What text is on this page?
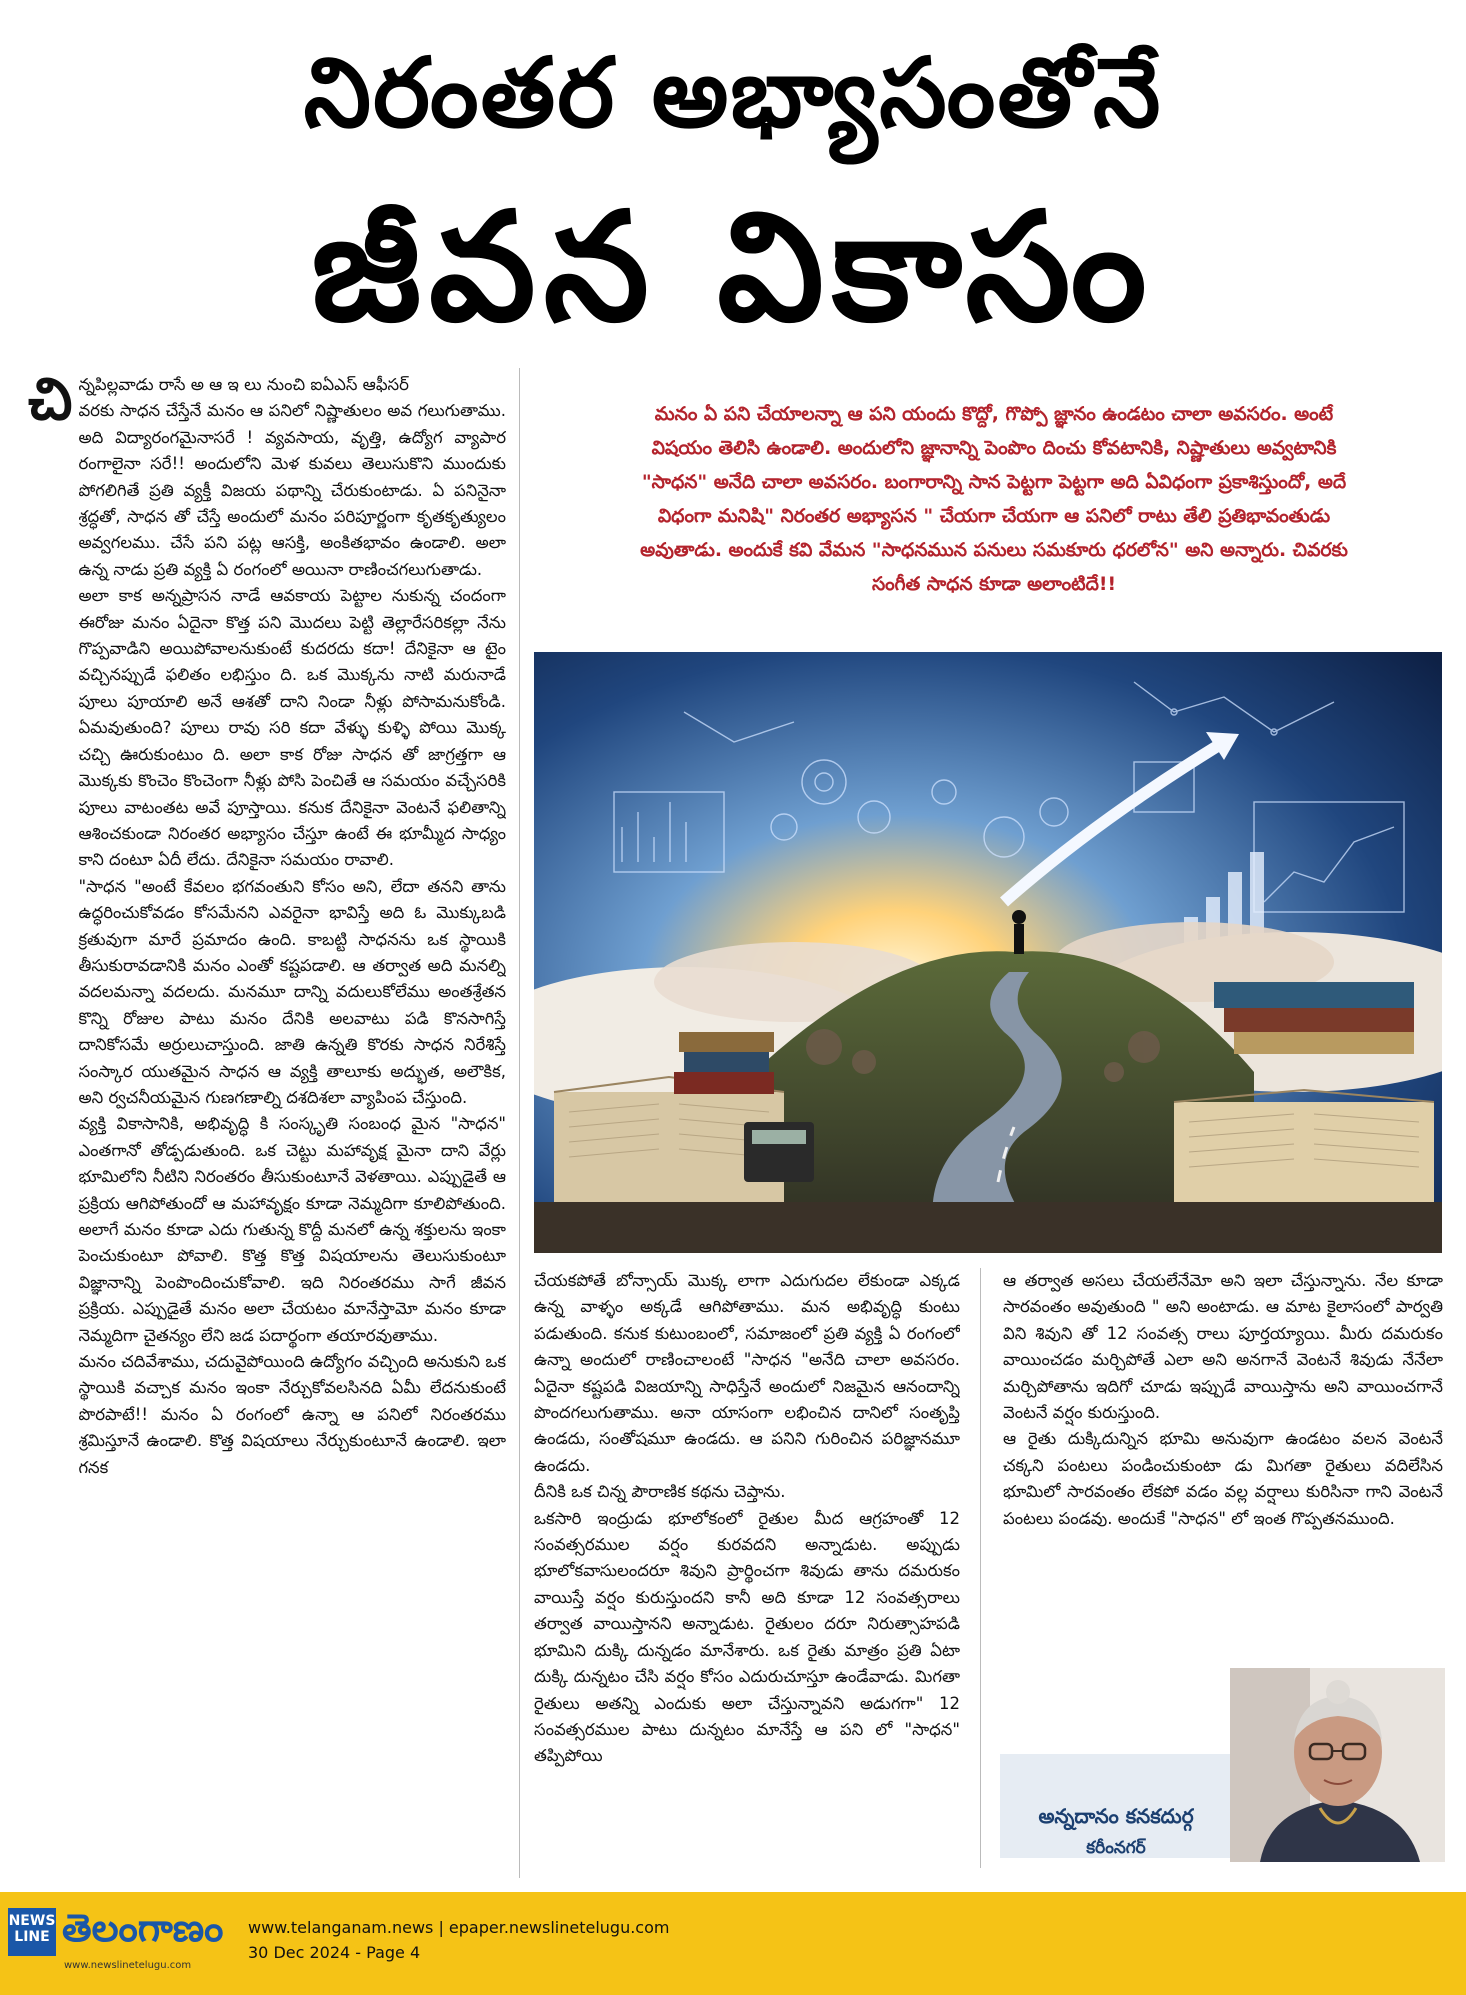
నిరంతర అభ్యాసంతోనే
జీవన వికాసం
చి న్నపిల్లవాడు రాసే అ ఆ ఇ లు నుంచి ఐఏఎస్ ఆఫీసర్
వరకు సాధన చేస్తేనే మనం ఆ పనిలో నిష్ణాతులం అవ గలుగుతాము. అది విద్యారంగమైనాసరే ! వ్యవసాయ, వృత్తి, ఉద్యోగ వ్యాపార రంగాలైనా సరే!! అందులోని మెళ కువలు తెలుసుకొని ముందుకు పోగలిగితే ప్రతి వ్యక్తీ విజయ పథాన్ని చేరుకుంటాడు. ఏ పనినైనా శ్రద్ధతో, సాధన తో చేస్తే అందులో మనం పరిపూర్ణంగా కృతకృత్యులం అవ్వగలము. చేసే పని పట్ల ఆసక్తి, అంకితభావం ఉండాలి. అలా ఉన్న నాడు ప్రతి వ్యక్తి ఏ రంగంలో అయినా రాణించగలుగుతాడు.
అలా కాక అన్నప్రాసన నాడే ఆవకాయ పెట్టాల నుకున్న చందంగా ఈరోజు మనం ఏదైనా కొత్త పని మొదలు పెట్టి తెల్లారేసరికల్లా నేను గొప్పవాడిని అయిపోవాలనుకుంటే కుదరదు కదా! దేనికైనా ఆ టైం వచ్చినప్పుడే ఫలితం లభిస్తుం ది. ఒక మొక్కను నాటి మరునాడే పూలు పూయాలి అనే ఆశతో దాని నిండా నీళ్లు పోసామనుకోండి. ఏమవుతుంది? పూలు రావు సరి కదా వేళ్ళు కుళ్ళి పోయి మొక్క చచ్చి ఊరుకుంటుం ది. అలా కాక రోజు సాధన తో జాగ్రత్తగా ఆ మొక్కకు కొంచెం కొంచెంగా నీళ్లు పోసి పెంచితే ఆ సమయం వచ్చేసరికి పూలు వాటంతట అవే పూస్తాయి. కనుక దేనికైనా వెంటనే ఫలితాన్ని ఆశించకుండా నిరంతర అభ్యాసం చేస్తూ ఉంటే ఈ భూమ్మీద సాధ్యం కాని దంటూ ఏదీ లేదు. దేనికైనా సమయం రావాలి.
"సాధన "అంటే కేవలం భగవంతుని కోసం అని, లేదా తనని తాను ఉద్ధరించుకోవడం కోసమేనని ఎవరైనా భావిస్తే అది ఓ మొక్కుబడి క్రతువుగా మారే ప్రమాదం ఉంది. కాబట్టి సాధనను ఒక స్థాయికి తీసుకురావడానికి మనం ఎంతో కష్టపడాలి. ఆ తర్వాత అది మనల్ని వదలమన్నా వదలదు. మనమూ దాన్ని వదులుకోలేము అంతశ్రేతన కొన్ని రోజుల పాటు మనం దేనికి అలవాటు పడి కొనసాగిస్తే దానికోసమే అర్రులుచాస్తుంది. జాతి ఉన్నతి కొరకు సాధన నిరేశిస్తే సంస్కార యుతమైన సాధన ఆ వ్యక్తి తాలూకు అద్భుత, అలౌకిక, అని ర్వచనీయమైన గుణగణాల్ని దశదిశలా వ్యాపింప చేస్తుంది.
వ్యక్తి వికాసానికి, అభివృద్ధి కి సంస్కృతి సంబంధ మైన "సాధన" ఎంతగానో తోడ్పడుతుంది. ఒక చెట్టు మహావృక్ష మైనా దాని వేర్లు భూమిలోని నీటిని నిరంతరం తీసుకుంటూనే వెళతాయి. ఎప్పుడైతే ఆ ప్రక్రియ ఆగిపోతుందో ఆ మహావృక్షం కూడా నెమ్మదిగా కూలిపోతుంది. అలాగే మనం కూడా ఎదు గుతున్న కొద్దీ మనలో ఉన్న శక్తులను ఇంకా పెంచుకుంటూ పోవాలి. కొత్త కొత్త విషయాలను తెలుసుకుంటూ విజ్ఞానాన్ని పెంపొందించుకోవాలి. ఇది నిరంతరము సాగే జీవన ప్రక్రియ. ఎప్పుడైతే మనం అలా చేయటం మానేస్తామో మనం కూడా నెమ్మదిగా చైతన్యం లేని జడ పదార్థంగా తయారవుతాము.
మనం చదివేశాము, చదువైపోయింది ఉద్యోగం వచ్చింది అనుకుని ఒక స్థాయికి వచ్చాక మనం ఇంకా నేర్చుకోవలసినది ఏమీ లేదనుకుంటే పొరపాటే!! మనం ఏ రంగంలో ఉన్నా ఆ పనిలో నిరంతరము శ్రమిస్తూనే ఉండాలి. కొత్త విషయాలు నేర్చుకుంటూనే ఉండాలి. ఇలా గనక

మనం ఏ పని చేయాలన్నా ఆ పని యందు కొద్దో, గొప్పో జ్ఞానం ఉండటం చాలా అవసరం. అంటే
విషయం తెలిసి ఉండాలి. అందులోని జ్ఞానాన్ని పెంపొం దించు కోవటానికి, నిష్ణాతులు అవ్వటానికి
"సాధన" అనేది చాలా అవసరం. బంగారాన్ని సాన పెట్టగా పెట్టగా అది ఏవిధంగా ప్రకాశిస్తుందో, అదే
విధంగా మనిషి" నిరంతర అభ్యాసన " చేయగా చేయగా ఆ పనిలో రాటు తేలి ప్రతిభావంతుడు
అవుతాడు. అందుకే కవి వేమన "సాధనమున పనులు సమకూరు ధరలోన" అని అన్నారు. చివరకు
సంగీత సాధన కూడా అలాంటిదే!!

చేయకపోతే బోన్సాయ్ మొక్క లాగా ఎదుగుదల లేకుండా ఎక్కడ ఉన్న వాళ్ళం అక్కడే ఆగిపోతాము. మన అభివృద్ధి కుంటు పడుతుంది. కనుక కుటుంబంలో, సమాజంలో ప్రతి వ్యక్తి ఏ రంగంలో ఉన్నా అందులో రాణించాలంటే "సాధన "అనేది చాలా అవసరం. ఏదైనా కష్టపడి విజయాన్ని సాధిస్తేనే అందులో నిజమైన ఆనందాన్ని పొందగలుగుతాము. అనా యాసంగా లభించిన దానిలో సంతృప్తి ఉండదు, సంతోషమూ ఉండదు. ఆ పనిని గురించిన పరిజ్ఞానమూ ఉండదు.
దీనికి ఒక చిన్న పౌరాణిక కథను చెప్తాను.
ఒకసారి ఇంద్రుడు భూలోకంలో రైతుల మీద ఆగ్రహంతో 12 సంవత్సరముల వర్షం కురవదని అన్నాడుట. అప్పుడు భూలోకవాసులందరూ శివుని ప్రార్థించగా శివుడు తాను దమరుకం వాయిస్తే వర్షం కురుస్తుందని కానీ అది కూడా 12 సంవత్సరాలు తర్వాత వాయిస్తానని అన్నాడుట. రైతులం దరూ నిరుత్సాహపడి భూమిని దుక్కి దున్నడం మానేశారు. ఒక రైతు మాత్రం ప్రతి ఏటా దుక్కి దున్నటం చేసి వర్షం కోసం ఎదురుచూస్తూ ఉండేవాడు. మిగతా రైతులు అతన్ని ఎందుకు అలా చేస్తున్నావని అడుగగా" 12 సంవత్సరముల పాటు దున్నటం మానేస్తే ఆ పని లో "సాధన" తప్పిపోయి

ఆ తర్వాత అసలు చేయలేనేమో అని ఇలా చేస్తున్నాను. నేల కూడా సారవంతం అవుతుంది " అని అంటాడు. ఆ మాట కైలాసంలో పార్వతి విని శివుని తో 12 సంవత్స రాలు పూర్తయ్యాయి. మీరు దమరుకం వాయించడం మర్చిపోతే ఎలా అని అనగానే వెంటనే శివుడు నేనేలా మర్చిపోతాను ఇదిగో చూడు ఇప్పుడే వాయిస్తాను అని వాయించగానే వెంటనే వర్షం కురుస్తుంది.
ఆ రైతు దుక్కిదున్నిన భూమి అనువుగా ఉండటం వలన వెంటనే చక్కని పంటలు పండించుకుంటా డు మిగతా రైతులు వదిలేసిన భూమిలో సారవంతం లేకపో వడం వల్ల వర్షాలు కురిసినా గాని వెంటనే పంటలు పండవు. అందుకే "సాధన" లో ఇంత గొప్పతనముంది.

అన్నదానం కనకదుర్గ
కరీంనగర్
NEWS LINE తెలంగాణం
www.newslinetelugu.com
www.telanganam.news | epaper.newslinetelugu.com
30 Dec 2024 - Page 4
